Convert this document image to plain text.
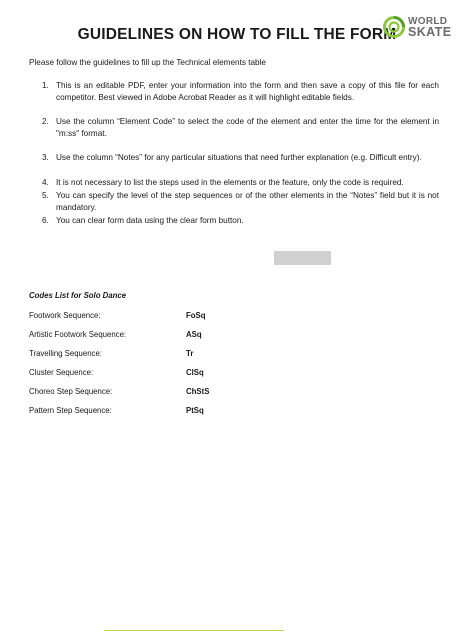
GUIDELINES ON HOW TO FILL THE FORM
WORLD
SKATE
Please follow the guidelines to fill up the Technical elements table
1. This is an editable PDF, enter your information into the form and then save a copy of this file for each competitor. Best viewed in Adobe Acrobat Reader as it will highlight editable fields.
2. Use the column “Element Code” to select the code of the element and enter the time for the element in "m:ss" format.
3. Use the column “Notes” for any particular situations that need further explanation (e.g. Difficult entry).
4. It is not necessary to list the steps used in the elements or the feature, only the code is required.
5. You can specify the level of the step sequences or of the other elements in the “Notes” field but it is not mandatory.
6. You can clear form data using the clear form button.
Codes List for Solo Dance
Footwork Sequence:	FoSq
Artistic Footwork Sequence:	ASq
Travelling Sequence:	Tr
Cluster Sequence:	ClSq
Choreo Step Sequence:	ChStS
Pattern Step Sequence:	PtSq
